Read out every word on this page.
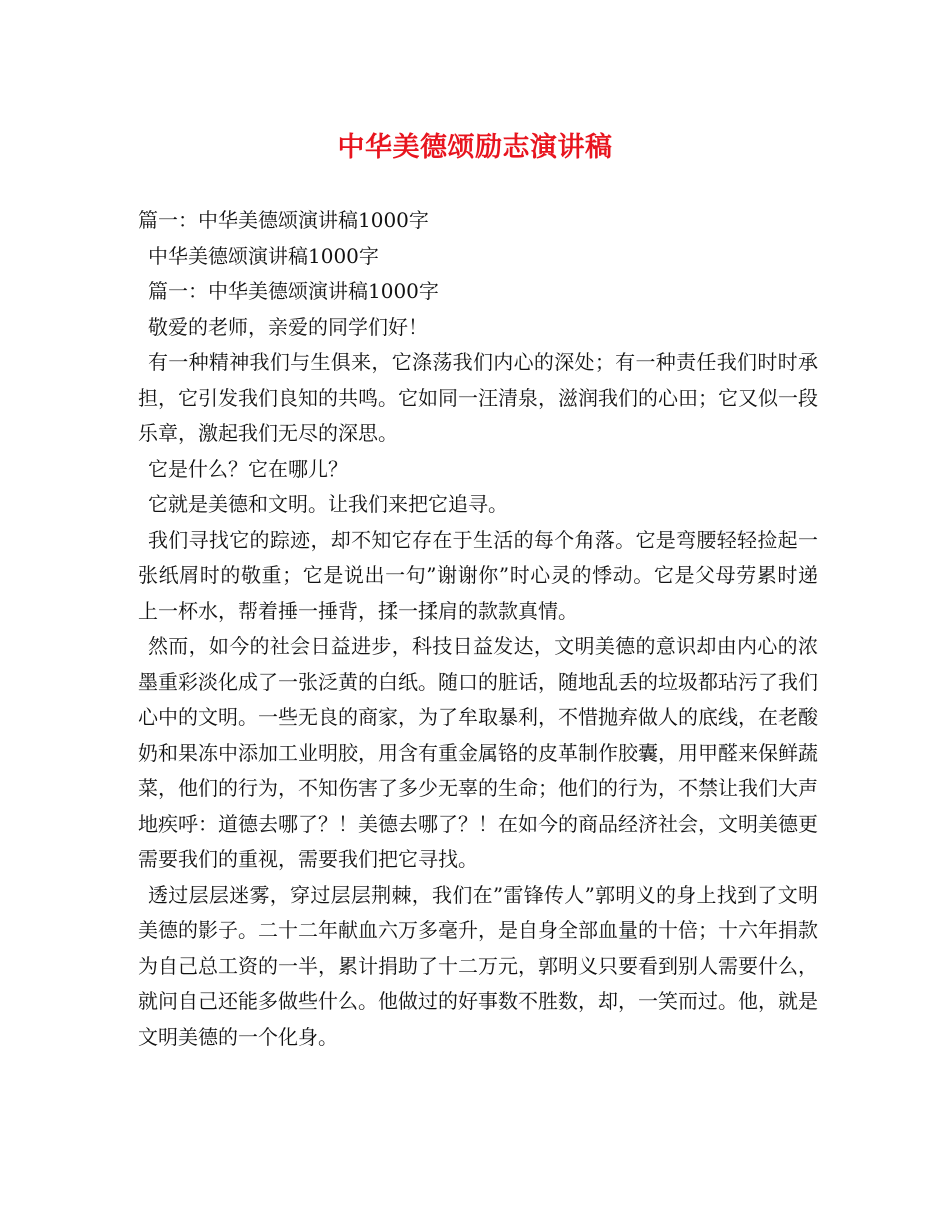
中华美德颂励志演讲稿

篇一：中华美德颂演讲稿1000字

中华美德颂演讲稿1000字

篇一：中华美德颂演讲稿1000字

敬爱的老师，亲爱的同学们好！

有一种精神我们与生俱来，它涤荡我们内心的深处；有一种责任我们时时承担，它引发我们良知的共鸣。它如同一汪清泉，滋润我们的心田；它又似一段乐章，激起我们无尽的深思。

它是什么？它在哪儿？

它就是美德和文明。让我们来把它追寻。

我们寻找它的踪迹，却不知它存在于生活的每个角落。它是弯腰轻轻捡起一张纸屑时的敬重；它是说出一句”谢谢你”时心灵的悸动。它是父母劳累时递上一杯水，帮着捶一捶背，揉一揉肩的款款真情。

然而，如今的社会日益进步，科技日益发达，文明美德的意识却由内心的浓墨重彩淡化成了一张泛黄的白纸。随口的脏话，随地乱丢的垃圾都玷污了我们心中的文明。一些无良的商家，为了牟取暴利，不惜抛弃做人的底线，在老酸奶和果冻中添加工业明胶，用含有重金属铬的皮革制作胶囊，用甲醛来保鲜蔬菜，他们的行为，不知伤害了多少无辜的生命；他们的行为，不禁让我们大声地疾呼：道德去哪了？！美德去哪了？！在如今的商品经济社会，文明美德更需要我们的重视，需要我们把它寻找。

透过层层迷雾，穿过层层荆棘，我们在”雷锋传人”郭明义的身上找到了文明美德的影子。二十二年献血六万多毫升，是自身全部血量的十倍；十六年捐款为自己总工资的一半，累计捐助了十二万元，郭明义只要看到别人需要什么，就问自己还能多做些什么。他做过的好事数不胜数，却，一笑而过。他，就是文明美德的一个化身。
